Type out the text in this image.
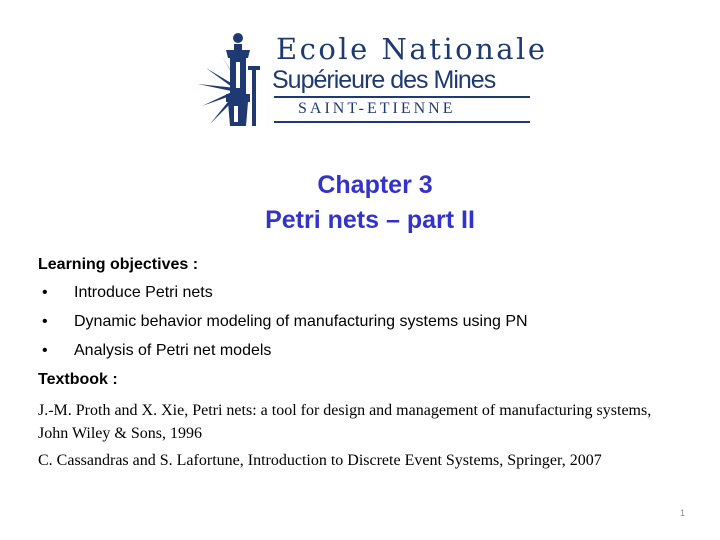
Ecole Nationale
Supérieure des Mines
SAINT-ETIENNE
Chapter 3
Petri nets – part II
Learning objectives :
• Introduce Petri nets
• Dynamic behavior modeling of manufacturing systems using PN
• Analysis of Petri net models
Textbook :
J.-M. Proth and X. Xie, Petri nets: a tool for design and management of manufacturing systems, John Wiley & Sons, 1996
C. Cassandras and S. Lafortune, Introduction to Discrete Event Systems, Springer, 2007
1
